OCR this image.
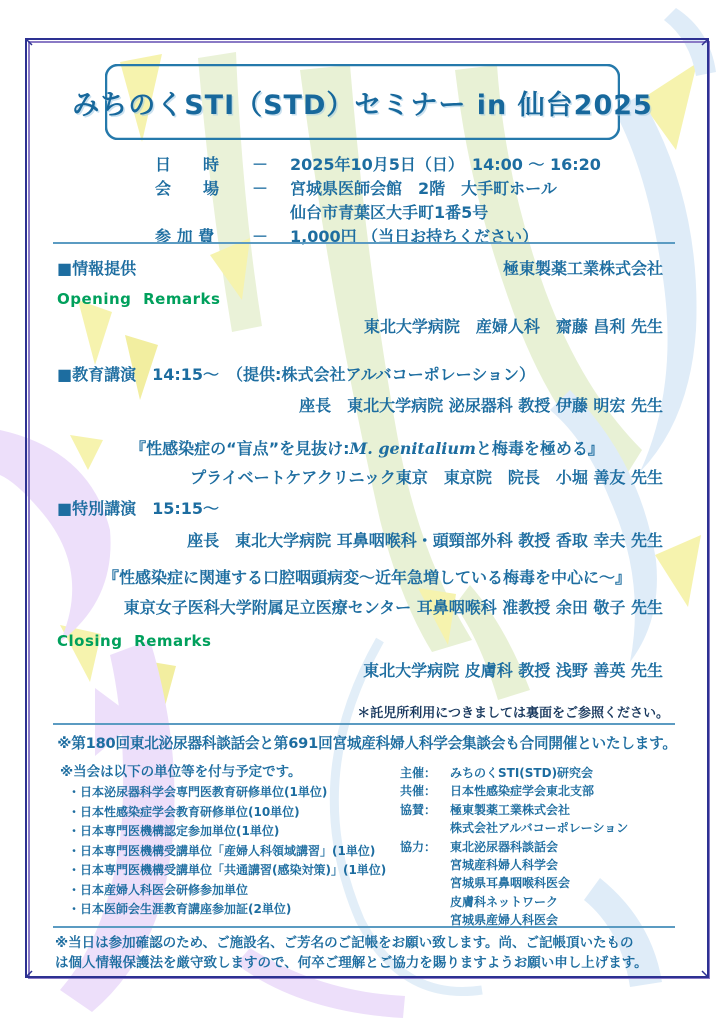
みちのくSTI（STD）セミナー in 仙台2025
日　　時	－	2025年10月5日（日）　14:00 ～ 16:20
会　　場	－	宮城県医師会館　2階　大手町ホール
仙台市青葉区大手町1番5号
参 加 費	－	1,000円 （当日お持ちください）
■情報提供	極東製薬工業株式会社
Opening Remarks
東北大学病院　産婦人科　齋藤 昌利 先生
■教育講演　14:15～　（提供:株式会社アルバコーポレーション）
座長　東北大学病院 泌尿器科 教授 伊藤 明宏 先生
『性感染症の“盲点”を見抜け:M. genitaliumと梅毒を極める』
プライベートケアクリニック東京　東京院　院長　小堀 善友 先生
■特別講演　15:15～
座長　東北大学病院 耳鼻咽喉科・頭頸部外科 教授 香取 幸夫 先生
『性感染症に関連する口腔咽頭病変～近年急増している梅毒を中心に～』
東京女子医科大学附属足立医療センター 耳鼻咽喉科 准教授 余田 敬子 先生
Closing Remarks
東北大学病院 皮膚科 教授 浅野 善英 先生
＊託児所利用につきましては裏面をご参照ください。
※第180回東北泌尿器科談話会と第691回宮城産科婦人科学会集談会も合同開催といたします。
※当会は以下の単位等を付与予定です。
・日本泌尿器科学会専門医教育研修単位(1単位)
・日本性感染症学会教育研修単位(10単位)
・日本専門医機構認定参加単位(1単位)
・日本専門医機構受講単位「産婦人科領域講習」(1単位)
・日本専門医機構受講単位「共通講習(感染対策)」(1単位)
・日本産婦人科医会研修参加単位
・日本医師会生涯教育講座参加証(2単位)
主催：	みちのくSTI(STD)研究会
共催：	日本性感染症学会東北支部
協賛：	極東製薬工業株式会社
株式会社アルバコーポレーション
協力：	東北泌尿器科談話会
宮城産科婦人科学会
宮城県耳鼻咽喉科医会
皮膚科ネットワーク
宮城県産婦人科医会
※当日は参加確認のため、ご施設名、ご芳名のご記帳をお願い致します。尚、ご記帳頂いたもの
は個人情報保護法を厳守致しますので、何卒ご理解とご協力を賜りますようお願い申し上げます。
